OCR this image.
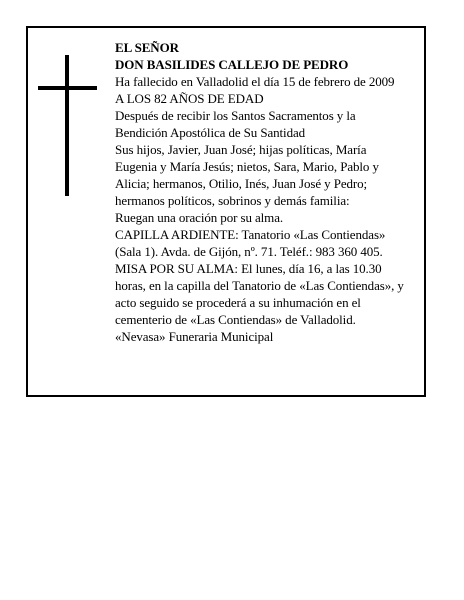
EL SEÑOR
DON BASILIDES CALLEJO DE PEDRO
Ha fallecido en Valladolid el día 15 de febrero de 2009
A LOS 82 AÑOS DE EDAD
Después de recibir los Santos Sacramentos y la
Bendición Apostólica de Su Santidad
Sus hijos, Javier, Juan José; hijas políticas, María
Eugenia y María Jesús; nietos, Sara, Mario, Pablo y
Alicia; hermanos, Otilio, Inés, Juan José y Pedro;
hermanos políticos, sobrinos y demás familia:
Ruegan una oración por su alma.
CAPILLA ARDIENTE: Tanatorio «Las Contiendas»
(Sala 1). Avda. de Gijón, nº. 71. Teléf.: 983 360 405.
MISA POR SU ALMA: El lunes, día 16, a las 10.30
horas, en la capilla del Tanatorio de «Las Contiendas», y
acto seguido se procederá a su inhumación en el
cementerio de «Las Contiendas» de Valladolid.
«Nevasa» Funeraria Municipal
